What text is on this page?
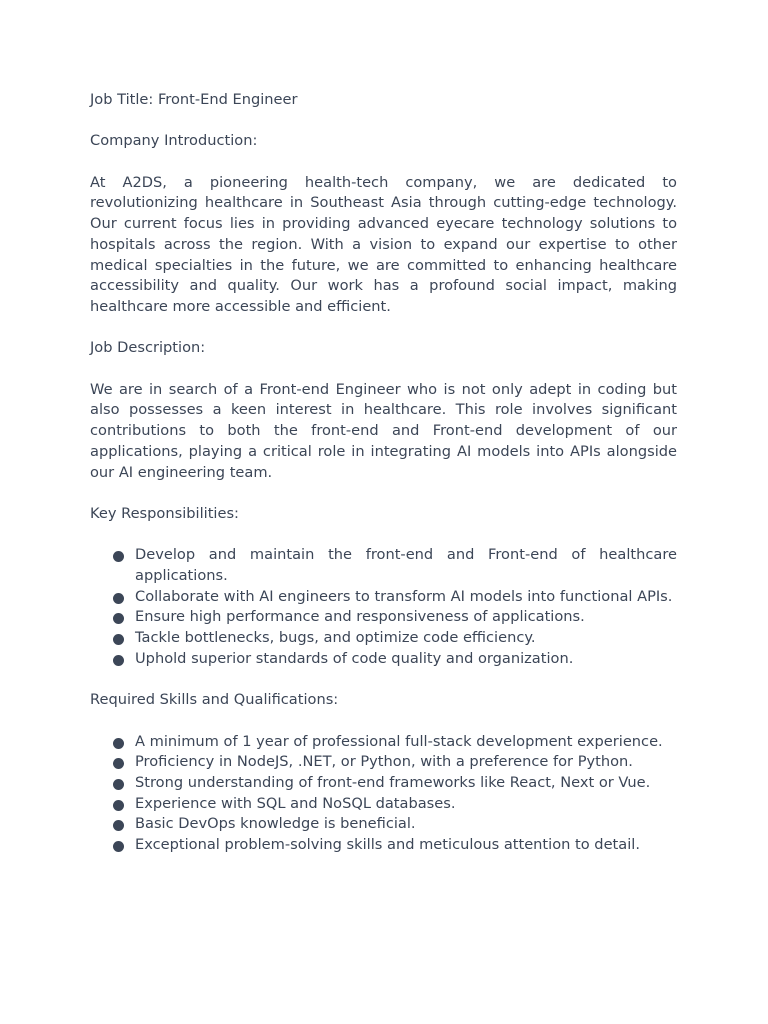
Job Title: Front-End Engineer

Company Introduction:

At A2DS, a pioneering health-tech company, we are dedicated to revolutionizing healthcare in Southeast Asia through cutting-edge technology. Our current focus lies in providing advanced eyecare technology solutions to hospitals across the region. With a vision to expand our expertise to other medical specialties in the future, we are committed to enhancing healthcare accessibility and quality. Our work has a profound social impact, making healthcare more accessible and efficient.

Job Description:

We are in search of a Front-end Engineer who is not only adept in coding but also possesses a keen interest in healthcare. This role involves significant contributions to both the front-end and Front-end development of our applications, playing a critical role in integrating AI models into APIs alongside our AI engineering team.

Key Responsibilities:

Develop and maintain the front-end and Front-end of healthcare applications.
Collaborate with AI engineers to transform AI models into functional APIs.
Ensure high performance and responsiveness of applications.
Tackle bottlenecks, bugs, and optimize code efficiency.
Uphold superior standards of code quality and organization.

Required Skills and Qualifications:

A minimum of 1 year of professional full-stack development experience.
Proficiency in NodeJS, .NET, or Python, with a preference for Python.
Strong understanding of front-end frameworks like React, Next or Vue.
Experience with SQL and NoSQL databases.
Basic DevOps knowledge is beneficial.
Exceptional problem-solving skills and meticulous attention to detail.
